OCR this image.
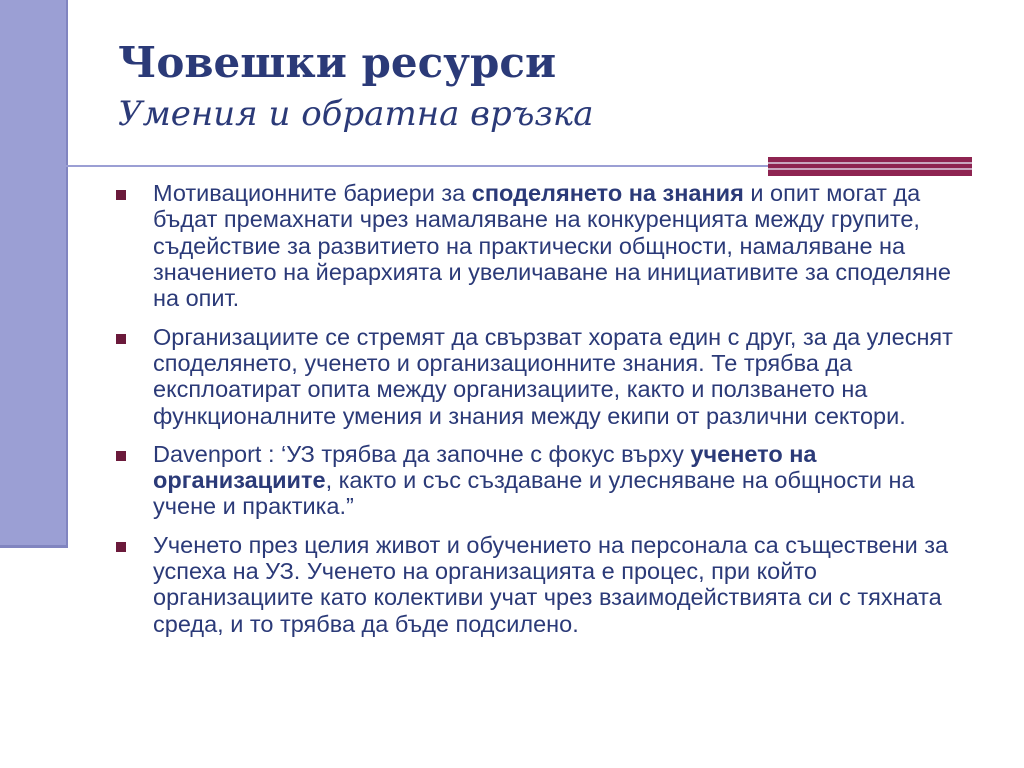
Човешки ресурси
Умения и обратна връзка
Мотивационните бариери за споделянето на знания и опит могат да бъдат премахнати чрез намаляване на конкуренцията между групите, съдействие за развитието на практически общности, намаляване на значението на йерархията и увеличаване на инициативите за споделяне на опит.
Организациите се стремят да свързват хората един с друг, за да улеснят споделянето, ученето и организационните знания. Те трябва да експлоатират опита между организациите, както и ползването на функционалните умения и знания между екипи от различни сектори.
Davenport : ‘УЗ трябва да започне с фокус върху ученето на организациите, както и със създаване и улесняване на общности на учене и практика.”
Ученето през целия живот и обучението на персонала са съществени за успеха на УЗ. Ученето на организацията е процес, при който организациите като колективи учат чрез взаимодействията си с тяхната среда, и то трябва да бъде подсилено.
